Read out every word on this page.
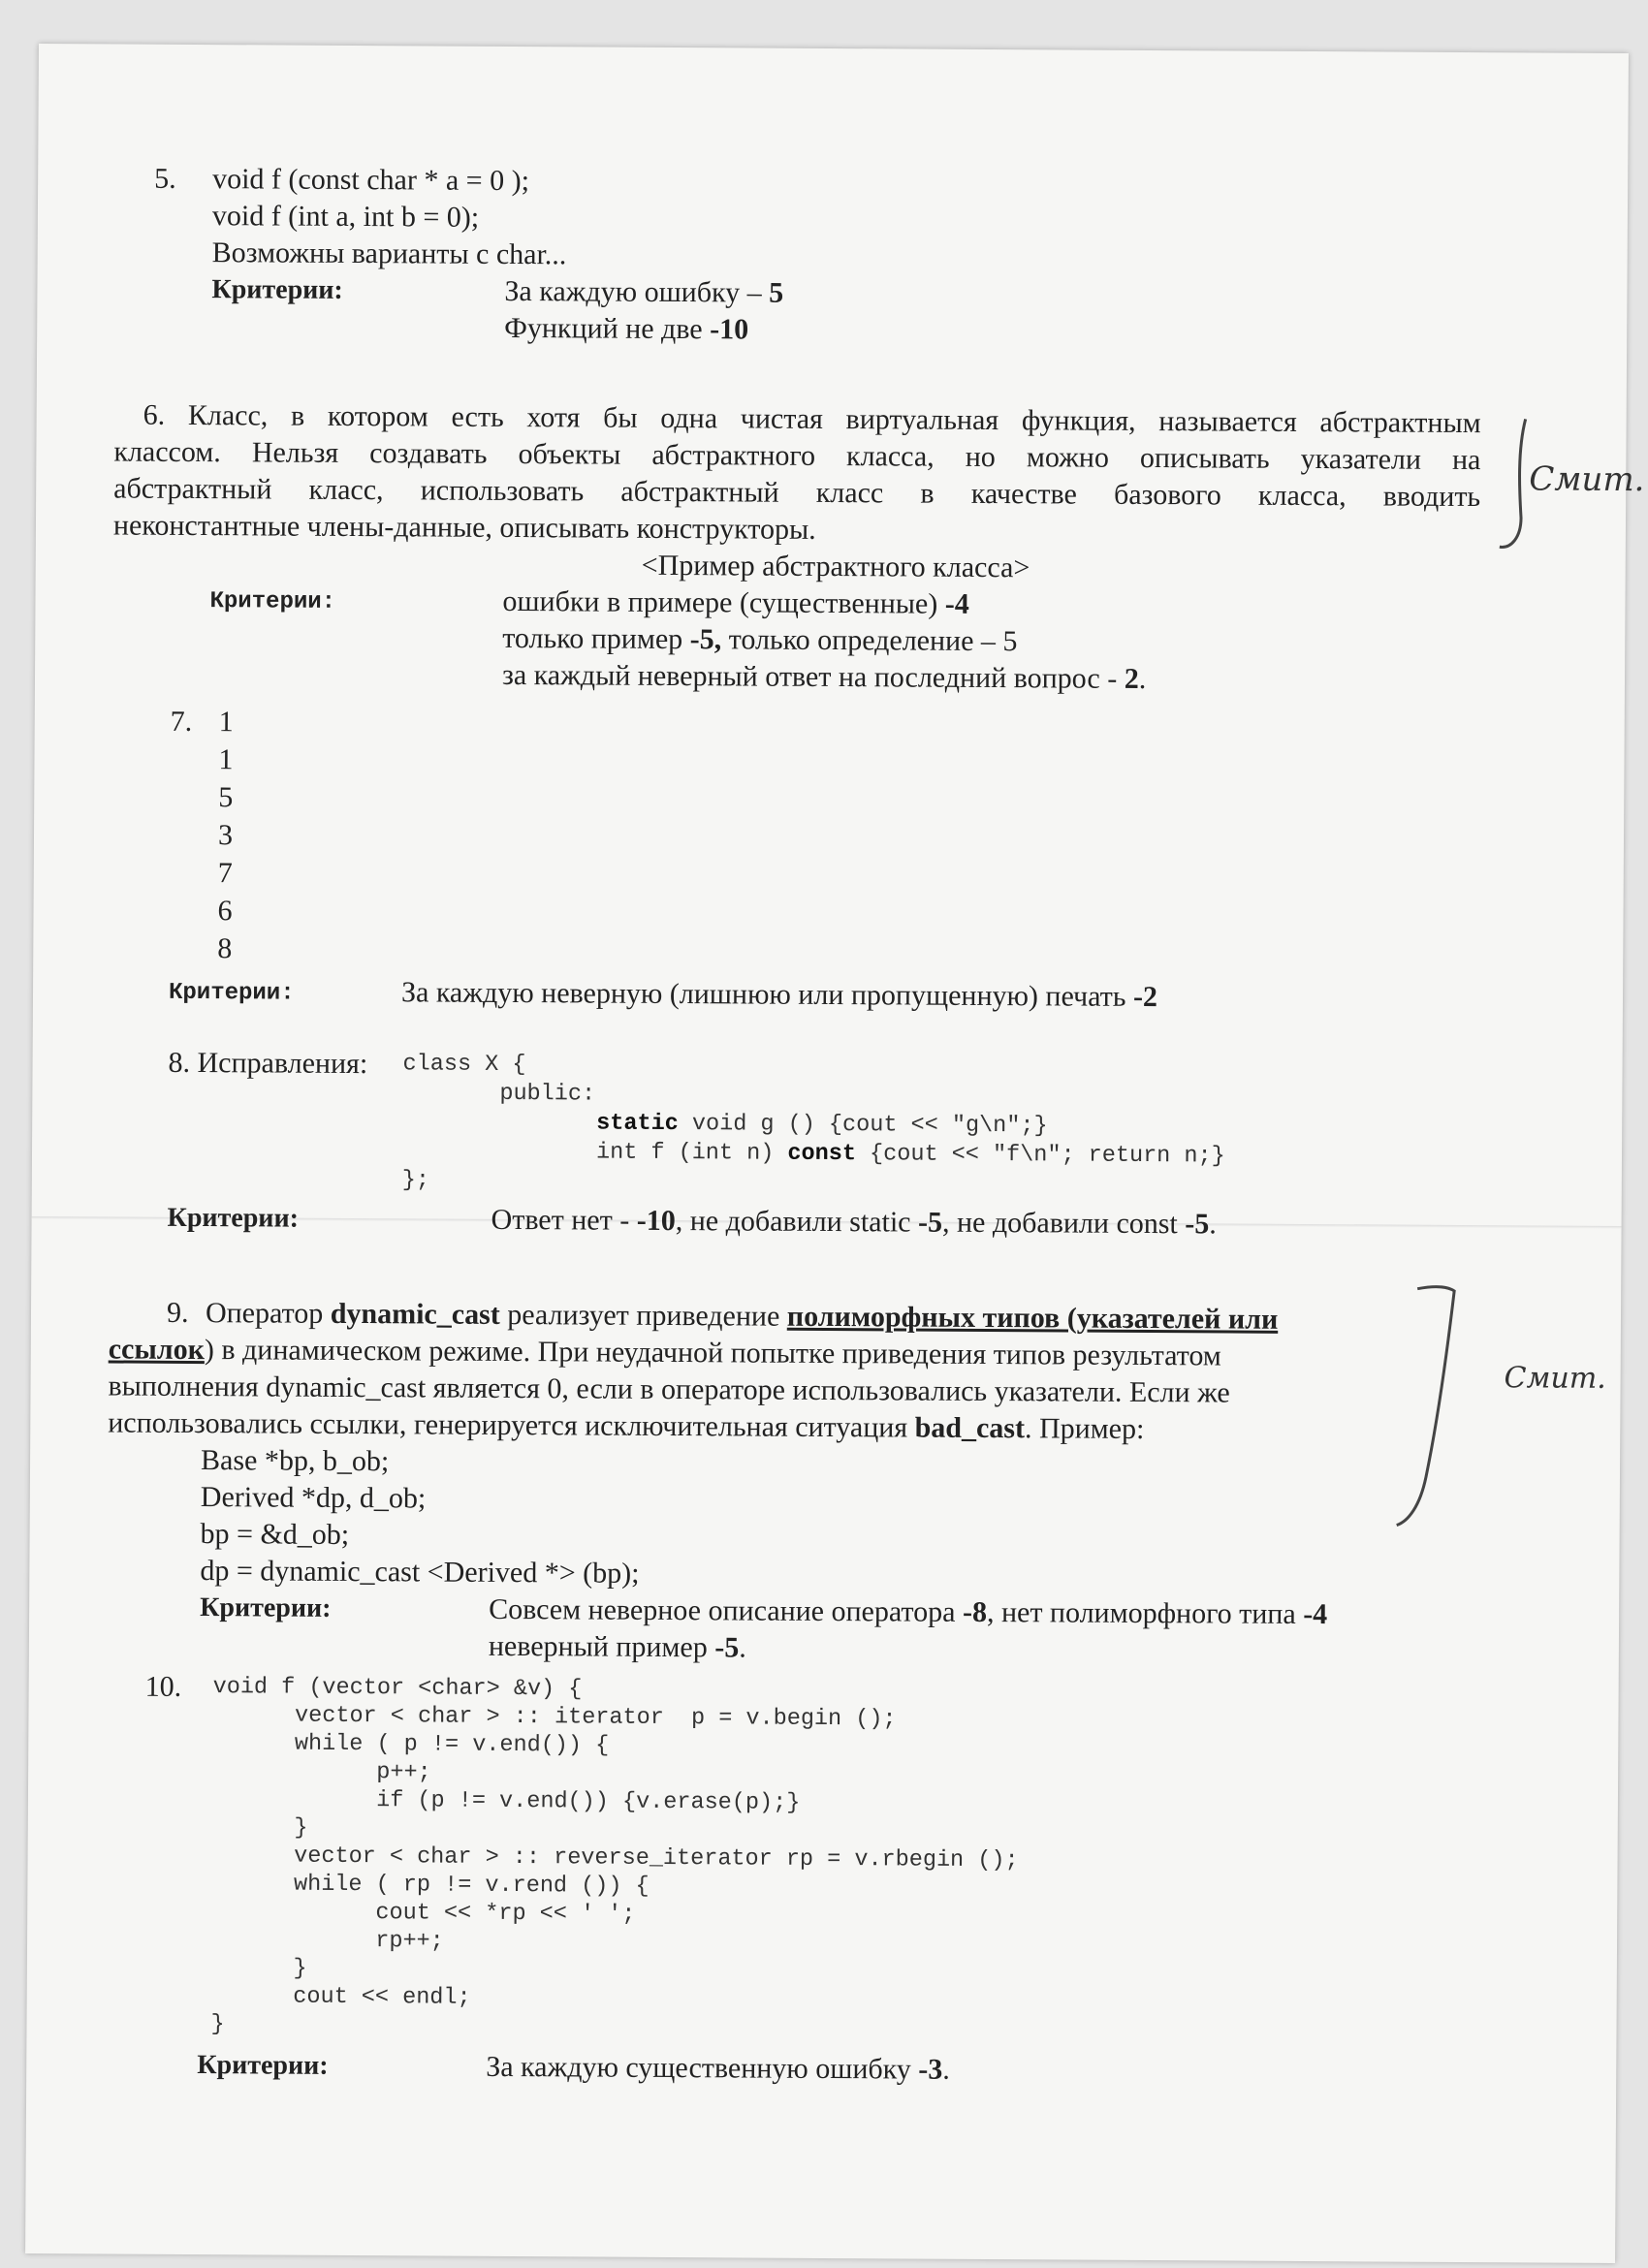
5. void f (const char * a = 0 );
void f (int a, int b = 0);
Возможны варианты с char...
Критерии:	За каждую ошибку – 5
Функций не две -10
6. Класс, в котором есть хотя бы одна чистая виртуальная функция, называется абстрактным
классом. Нельзя создавать объекты абстрактного класса, но можно описывать указатели на
абстрактный класс, использовать абстрактный класс в качестве базового класса, вводить
неконстантные члены-данные, описывать конструкторы.
<Пример абстрактного класса>
Критерии:	ошибки в примере (существенные) -4
только пример -5, только определение – 5
за каждый неверный ответ на последний вопрос - 2.
Смит.
7. 1
1
5
3
7
6
8
Критерии:	За каждую неверную (лишнюю или пропущенную) печать -2
8. Исправления: class X {
public:
static void g () {cout << "g\n";}
int f (int n) const {cout << "f\n"; return n;}
};
Критерии:	Ответ нет - -10, не добавили static -5, не добавили const -5.
9. Оператор dynamic_cast реализует приведение полиморфных типов (указателей или
ссылок) в динамическом режиме. При неудачной попытке приведения типов результатом
выполнения dynamic_cast является 0, если в операторе использовались указатели. Если же
использовались ссылки, генерируется исключительная ситуация bad_cast. Пример:
Base *bp, b_ob;
Derived *dp, d_ob;
bp = &d_ob;
dp = dynamic_cast <Derived *> (bp);
Критерии:	Совсем неверное описание оператора -8, нет полиморфного типа -4
неверный пример -5.
Смит.
10. void f (vector <char> &v) {
vector < char > :: iterator  p = v.begin ();
while ( p != v.end()) {
p++;
if (p != v.end()) {v.erase(p);}
}
vector < char > :: reverse_iterator rp = v.rbegin ();
while ( rp != v.rend ()) {
cout << *rp << ' ';
rp++;
}
cout << endl;
}
Критерии:	За каждую существенную ошибку -3.
